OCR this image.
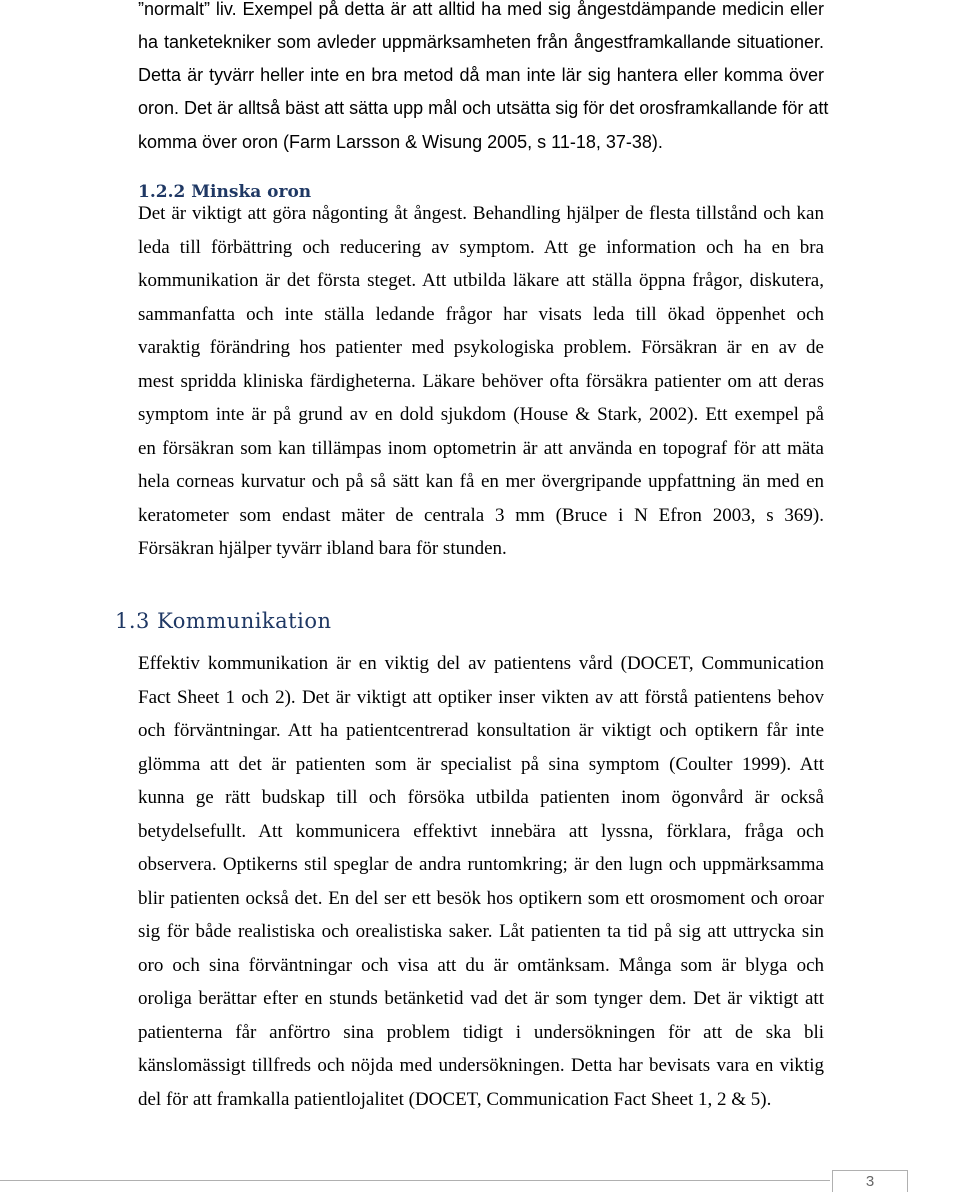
”normalt” liv. Exempel på detta är att alltid ha med sig ångestdämpande medicin eller

ha tanketekniker som avleder uppmärksamheten från ångestframkallande situationer.

Detta är tyvärr heller inte en bra metod då man inte lär sig hantera eller komma över

oron. Det är alltså bäst att sätta upp mål och utsätta sig för det orosframkallande för att

komma över oron (Farm Larsson & Wisung 2005, s 11-18, 37-38).

1.2.2 Minska oron

Det är viktigt att göra någonting åt ångest. Behandling hjälper de flesta tillstånd och kan

leda till förbättring och reducering av symptom. Att ge information och ha en bra

kommunikation är det första steget. Att utbilda läkare att ställa öppna frågor, diskutera,

sammanfatta och inte ställa ledande frågor har visats leda till ökad öppenhet och

varaktig förändring hos patienter med psykologiska problem. Försäkran är en av de

mest spridda kliniska färdigheterna. Läkare behöver ofta försäkra patienter om att deras

symptom inte är på grund av en dold sjukdom (House & Stark, 2002). Ett exempel på

en försäkran som kan tillämpas inom optometrin är att använda en topograf för att mäta

hela corneas kurvatur och på så sätt kan få en mer övergripande uppfattning än med en

keratometer som endast mäter de centrala 3 mm (Bruce i N Efron 2003, s 369).

Försäkran hjälper tyvärr ibland bara för stunden.

1.3 Kommunikation

Effektiv kommunikation är en viktig del av patientens vård (DOCET, Communication

Fact Sheet 1 och 2). Det är viktigt att optiker inser vikten av att förstå patientens behov

och förväntningar. Att ha patientcentrerad konsultation är viktigt och optikern får inte

glömma att det är patienten som är specialist på sina symptom (Coulter 1999). Att

kunna ge rätt budskap till och försöka utbilda patienten inom ögonvård är också

betydelsefullt. Att kommunicera effektivt innebära att lyssna, förklara, fråga och

observera. Optikerns stil speglar de andra runtomkring; är den lugn och uppmärksamma

blir patienten också det. En del ser ett besök hos optikern som ett orosmoment och oroar

sig för både realistiska och orealistiska saker. Låt patienten ta tid på sig att uttrycka sin

oro och sina förväntningar och visa att du är omtänksam. Många som är blyga och

oroliga berättar efter en stunds betänketid vad det är som tynger dem. Det är viktigt att

patienterna får anförtro sina problem tidigt i undersökningen för att de ska bli

känslomässigt tillfreds och nöjda med undersökningen. Detta har bevisats vara en viktig

del för att framkalla patientlojalitet (DOCET, Communication Fact Sheet 1, 2 & 5).

3
